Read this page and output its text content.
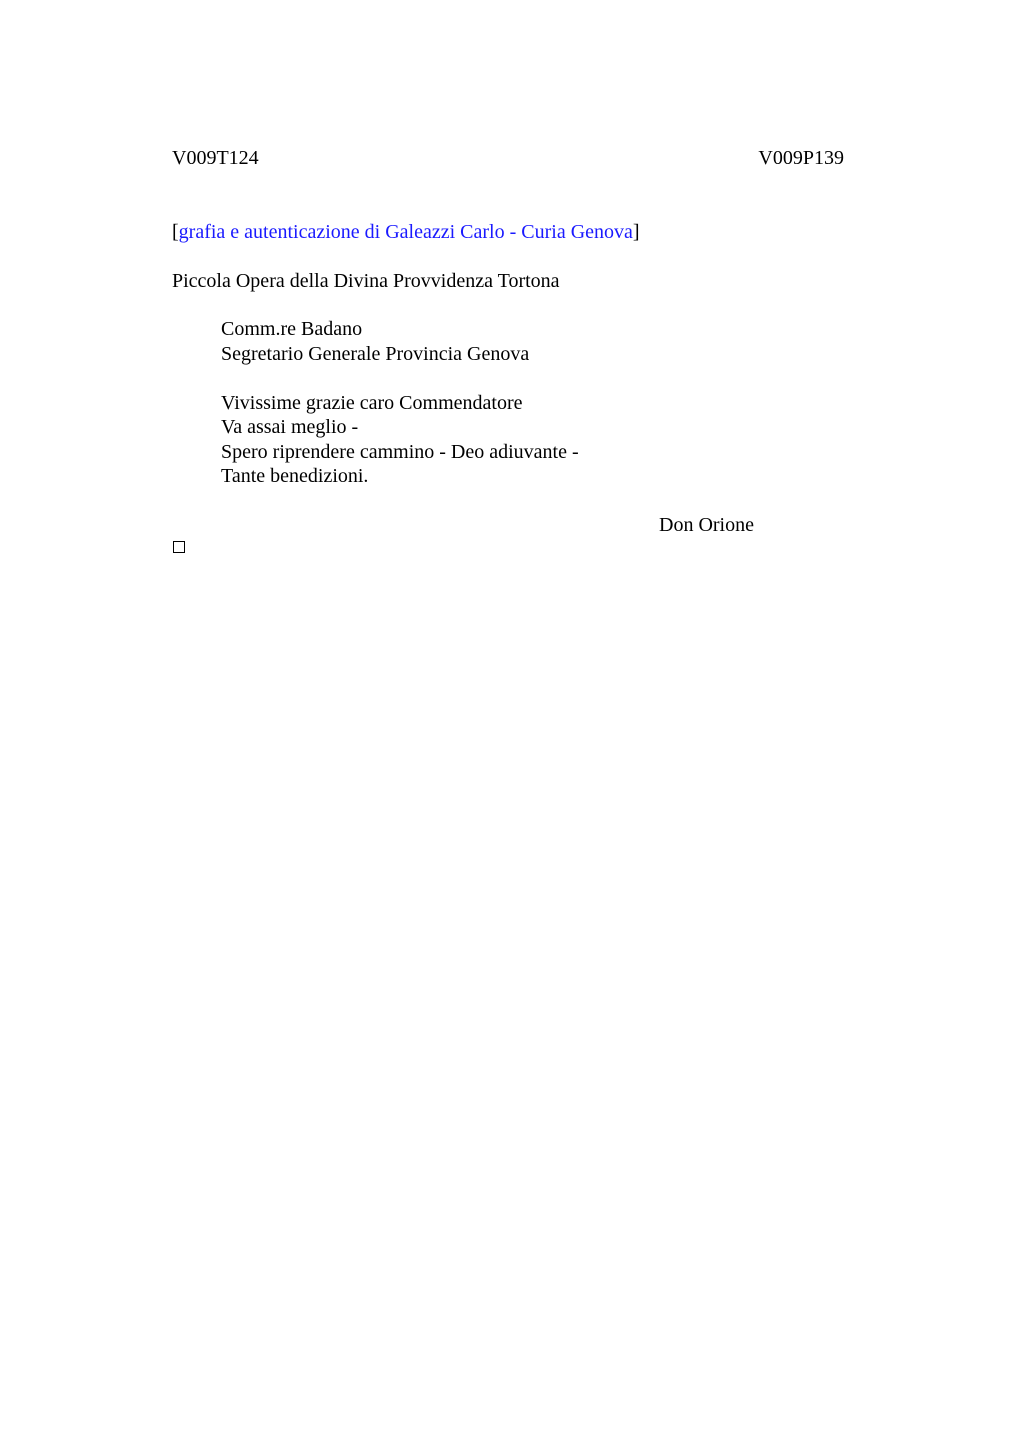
V009T124	V009P139
[grafia e autenticazione di Galeazzi Carlo - Curia Genova]
Piccola Opera della Divina Provvidenza Tortona
Comm.re Badano
Segretario Generale Provincia Genova
Vivissime grazie caro Commendatore
Va assai meglio -
Spero riprendere cammino - Deo adiuvante -
Tante benedizioni.
Don Orione
